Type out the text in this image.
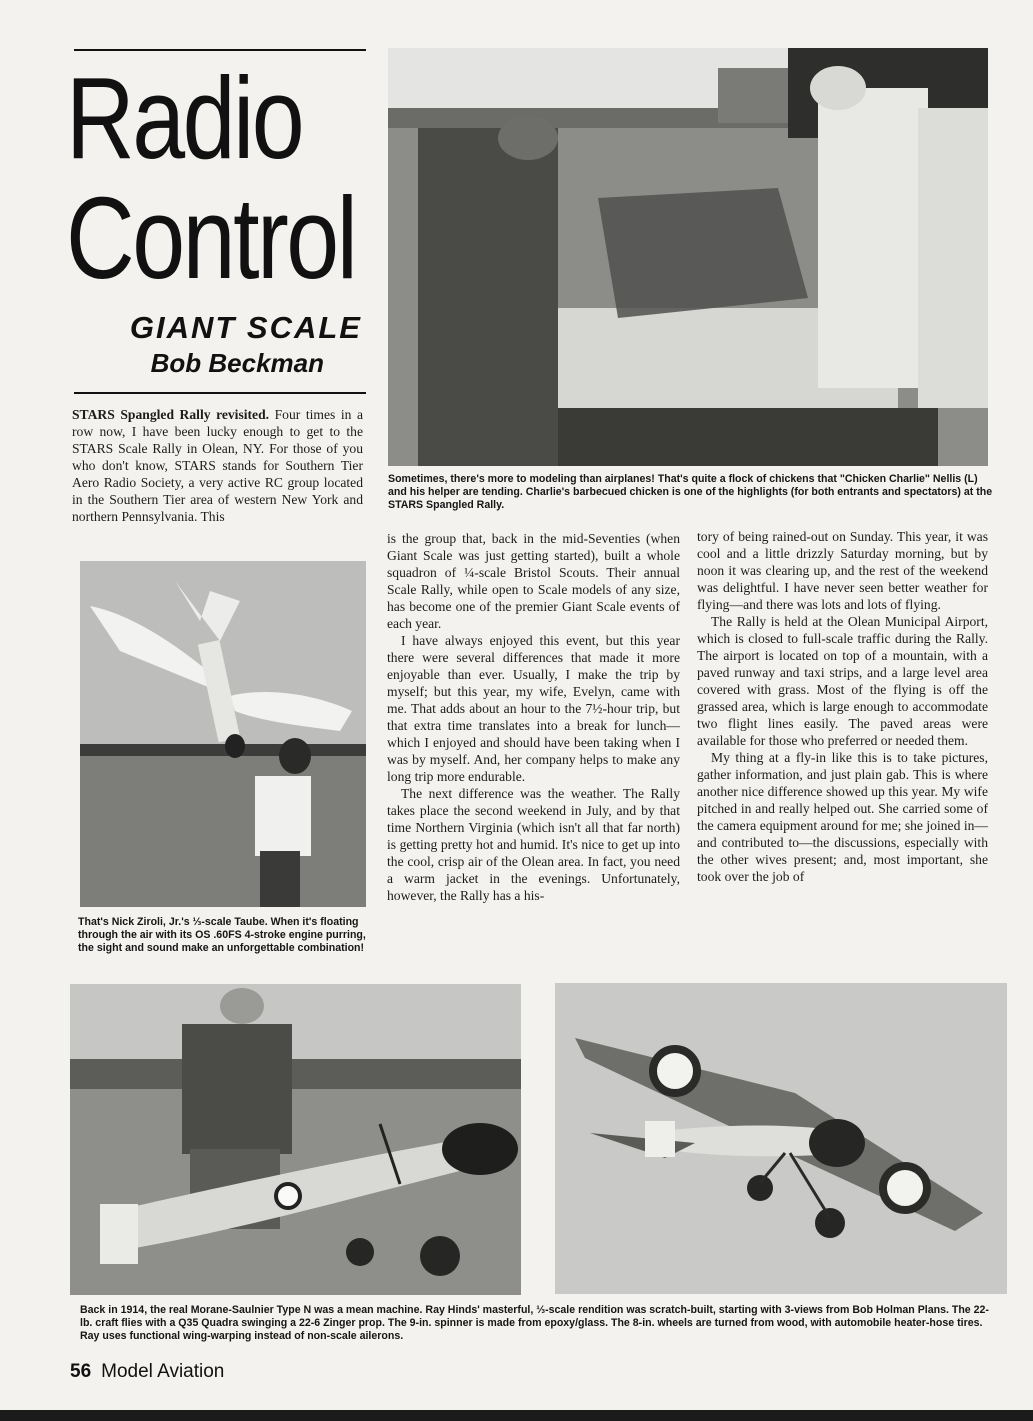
Radio
Control
GIANT SCALE
Bob Beckman
Sometimes, there's more to modeling than airplanes! That's quite a flock of chickens that "Chicken Charlie" Nellis (L) and his helper are tending. Charlie's barbecued chicken is one of the highlights (for both entrants and spectators) at the STARS Spangled Rally.

STARS Spangled Rally revisited. Four times in a row now, I have been lucky enough to get to the STARS Scale Rally in Olean, NY. For those of you who don't know, STARS stands for Southern Tier Aero Radio Society, a very active RC group located in the Southern Tier area of western New York and northern Pennsylvania. This

That's Nick Ziroli, Jr.'s ⅓-scale Taube. When it's floating through the air with its OS .60FS 4-stroke engine purring, the sight and sound make an unforgettable combination!

is the group that, back in the mid-Seventies (when Giant Scale was just getting started), built a whole squadron of ¼-scale Bristol Scouts. Their annual Scale Rally, while open to Scale models of any size, has become one of the premier Giant Scale events of each year.

I have always enjoyed this event, but this year there were several differences that made it more enjoyable than ever. Usually, I make the trip by myself; but this year, my wife, Evelyn, came with me. That adds about an hour to the 7½-hour trip, but that extra time translates into a break for lunch—which I enjoyed and should have been taking when I was by myself. And, her company helps to make any long trip more endurable.

The next difference was the weather. The Rally takes place the second weekend in July, and by that time Northern Virginia (which isn't all that far north) is getting pretty hot and humid. It's nice to get up into the cool, crisp air of the Olean area. In fact, you need a warm jacket in the evenings. Unfortunately, however, the Rally has a his-

tory of being rained-out on Sunday. This year, it was cool and a little drizzly Saturday morning, but by noon it was clearing up, and the rest of the weekend was delightful. I have never seen better weather for flying—and there was lots and lots of flying.

The Rally is held at the Olean Municipal Airport, which is closed to full-scale traffic during the Rally. The airport is located on top of a mountain, with a paved runway and taxi strips, and a large level area covered with grass. Most of the flying is off the grassed area, which is large enough to accommodate two flight lines easily. The paved areas were available for those who preferred or needed them.

My thing at a fly-in like this is to take pictures, gather information, and just plain gab. This is where another nice difference showed up this year. My wife pitched in and really helped out. She carried some of the camera equipment around for me; she joined in—and contributed to—the discussions, especially with the other wives present; and, most important, she took over the job of

Back in 1914, the real Morane-Saulnier Type N was a mean machine. Ray Hinds' masterful, ⅓-scale rendition was scratch-built, starting with 3-views from Bob Holman Plans. The 22-lb. craft flies with a Q35 Quadra swinging a 22-6 Zinger prop. The 9-in. spinner is made from epoxy/glass. The 8-in. wheels are turned from wood, with automobile heater-hose tires. Ray uses functional wing-warping instead of non-scale ailerons.
56 Model Aviation
